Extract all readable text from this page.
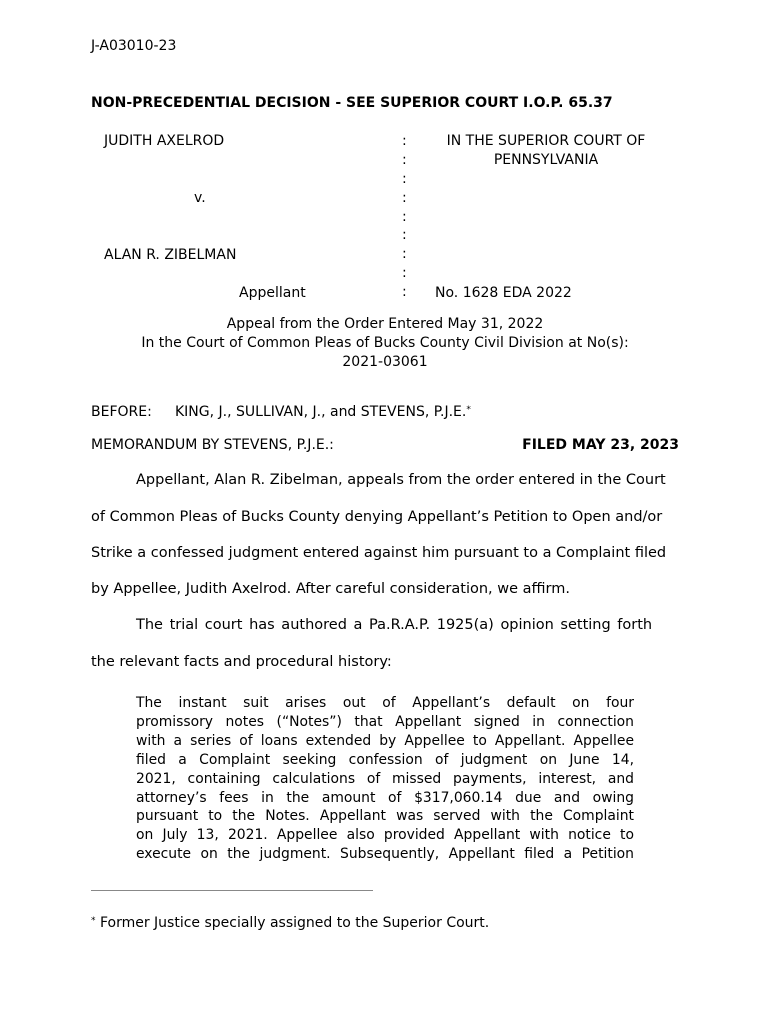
J-A03010-23
NON-PRECEDENTIAL DECISION - SEE SUPERIOR COURT I.O.P. 65.37
JUDITH AXELROD
v.
ALAN R. ZIBELMAN
Appellant
:
:
:
:
:
:
:
:
:
IN THE SUPERIOR COURT OF
PENNSYLVANIA
No. 1628 EDA 2022
Appeal from the Order Entered May 31, 2022
In the Court of Common Pleas of Bucks County Civil Division at No(s):
2021-03061
BEFORE: KING, J., SULLIVAN, J., and STEVENS, P.J.E.*
MEMORANDUM BY STEVENS, P.J.E.:	FILED MAY 23, 2023
Appellant, Alan R. Zibelman, appeals from the order entered in the Court
of Common Pleas of Bucks County denying Appellant’s Petition to Open and/or
Strike a confessed judgment entered against him pursuant to a Complaint filed
by Appellee, Judith Axelrod. After careful consideration, we affirm.
The trial court has authored a Pa.R.A.P. 1925(a) opinion setting forth
the relevant facts and procedural history:
The instant suit arises out of Appellant’s default on four
promissory notes (“Notes”) that Appellant signed in connection
with a series of loans extended by Appellee to Appellant. Appellee
filed a Complaint seeking confession of judgment on June 14,
2021, containing calculations of missed payments, interest, and
attorney’s fees in the amount of $317,060.14 due and owing
pursuant to the Notes. Appellant was served with the Complaint
on July 13, 2021. Appellee also provided Appellant with notice to
execute on the judgment. Subsequently, Appellant filed a Petition
* Former Justice specially assigned to the Superior Court.
